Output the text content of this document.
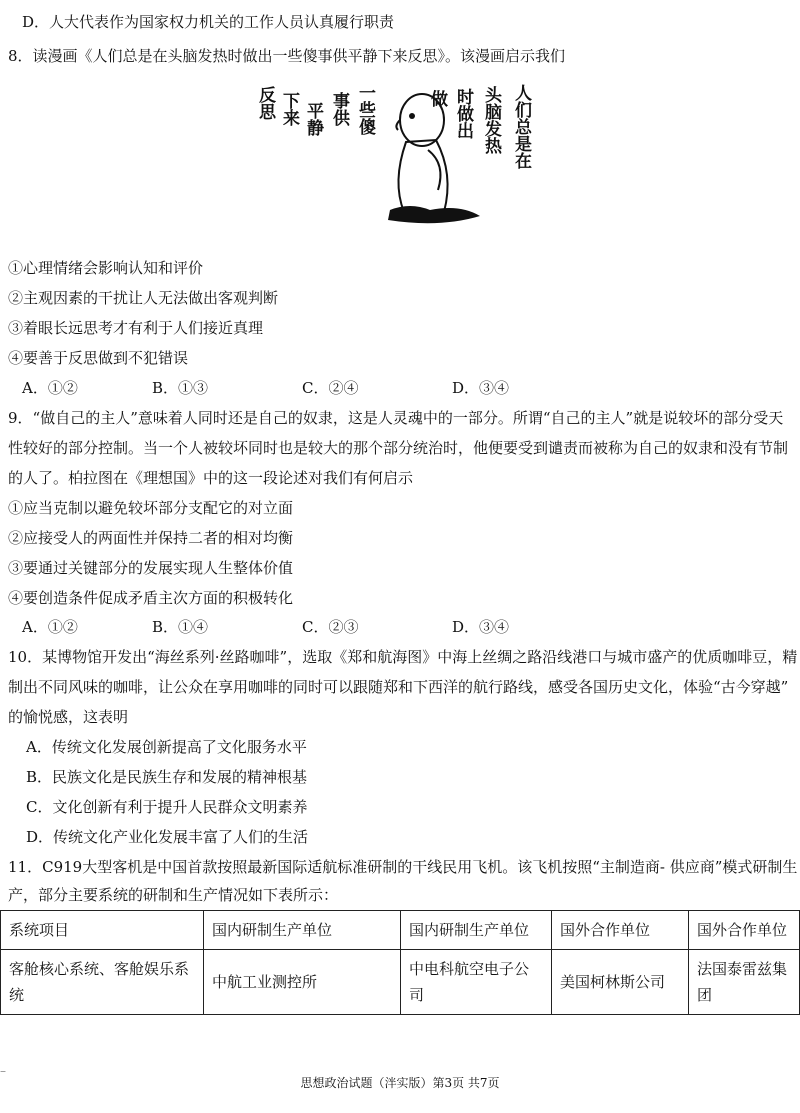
D．人大代表作为国家权力机关的工作人员认真履行职责
8．读漫画《人们总是在头脑发热时做出一些傻事供平静下来反思》。该漫画启示我们
反思 下来 平静 事供 一些傻	做 时做出 头脑发热 人们总是在
①心理情绪会影响认知和评价
②主观因素的干扰让人无法做出客观判断
③着眼长远思考才有利于人们接近真理
④要善于反思做到不犯错误
A．①②	B．①③	C．②④	D．③④
9．“做自己的主人”意味着人同时还是自己的奴隶，这是人灵魂中的一部分。所谓“自己的主人”就是说较坏的部分受天
性较好的部分控制。当一个人被较坏同时也是较大的那个部分统治时，他便要受到谴责而被称为自己的奴隶和没有节制
的人了。柏拉图在《理想国》中的这一段论述对我们有何启示
①应当克制以避免较坏部分支配它的对立面
②应接受人的两面性并保持二者的相对均衡
③要通过关键部分的发展实现人生整体价值
④要创造条件促成矛盾主次方面的积极转化
A．①②	B．①④	C．②③	D．③④
10．某博物馆开发出“海丝系列·丝路咖啡”，选取《郑和航海图》中海上丝绸之路沿线港口与城市盛产的优质咖啡豆，精
制出不同风味的咖啡，让公众在享用咖啡的同时可以跟随郑和下西洋的航行路线，感受各国历史文化，体验“古今穿越”
的愉悦感，这表明
A．传统文化发展创新提高了文化服务水平
B．民族文化是民族生存和发展的精神根基
C．文化创新有利于提升人民群众文明素养
D．传统文化产业化发展丰富了人们的生活
11．C919大型客机是中国首款按照最新国际适航标准研制的干线民用飞机。该飞机按照“主制造商- 供应商”模式研制生
产，部分主要系统的研制和生产情况如下表所示：
系统项目	国内研制生产单位	国内研制生产单位	国外合作单位	国外合作单位
客舱核心系统、客舱娱乐系统	中航工业测控所	中电科航空电子公司	美国柯林斯公司	法国泰雷兹集团
–
思想政治试题（泮实版）第3页 共7页
